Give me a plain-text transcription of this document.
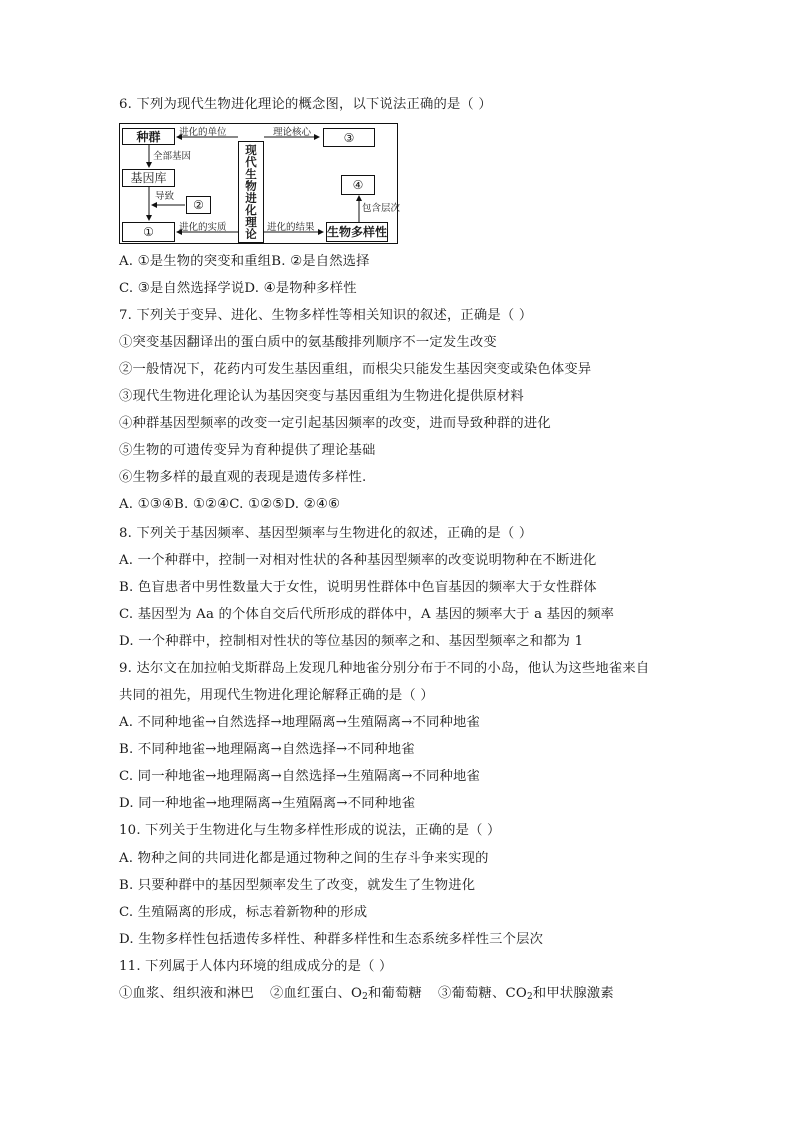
6. 下列为现代生物进化理论的概念图，以下说法正确的是（ ）
种群	进化的单位
全部基因
基因库
导致
②
①	进化的实质
现
代
生
物
进
化
理
论
理论核心	③
④
包含层次
进化的结果 生物多样性
A. ①是生物的突变和重组B. ②是自然选择
C. ③是自然选择学说D. ④是物种多样性
7. 下列关于变异、进化、生物多样性等相关知识的叙述，正确是（ ）
①突变基因翻译出的蛋白质中的氨基酸排列顺序不一定发生改变
②一般情况下，花药内可发生基因重组，而根尖只能发生基因突变或染色体变异
③现代生物进化理论认为基因突变与基因重组为生物进化提供原材料
④种群基因型频率的改变一定引起基因频率的改变，进而导致种群的进化
⑤生物的可遗传变异为育种提供了理论基础
⑥生物多样的最直观的表现是遗传多样性.
A. ①③④B. ①②④C. ①②⑤D. ②④⑥
8. 下列关于基因频率、基因型频率与生物进化的叙述，正确的是（ ）
A. 一个种群中，控制一对相对性状的各种基因型频率的改变说明物种在不断进化
B. 色盲患者中男性数量大于女性，说明男性群体中色盲基因的频率大于女性群体
C. 基因型为 Aa 的个体自交后代所形成的群体中，A 基因的频率大于 a 基因的频率
D. 一个种群中，控制相对性状的等位基因的频率之和、基因型频率之和都为 1
9. 达尔文在加拉帕戈斯群岛上发现几种地雀分别分布于不同的小岛，他认为这些地雀来自
共同的祖先，用现代生物进化理论解释正确的是（ ）
A. 不同种地雀→自然选择→地理隔离→生殖隔离→不同种地雀
B. 不同种地雀→地理隔离→自然选择→不同种地雀
C. 同一种地雀→地理隔离→自然选择→生殖隔离→不同种地雀
D. 同一种地雀→地理隔离→生殖隔离→不同种地雀
10. 下列关于生物进化与生物多样性形成的说法，正确的是（ ）
A. 物种之间的共同进化都是通过物种之间的生存斗争来实现的
B. 只要种群中的基因型频率发生了改变，就发生了生物进化
C. 生殖隔离的形成，标志着新物种的形成
D. 生物多样性包括遗传多样性、种群多样性和生态系统多样性三个层次
11. 下列属于人体内环境的组成成分的是（ ）
①血浆、组织液和淋巴 ②血红蛋白、$O_2$和葡萄糖 ③葡萄糖、$CO_2$和甲状腺激素
